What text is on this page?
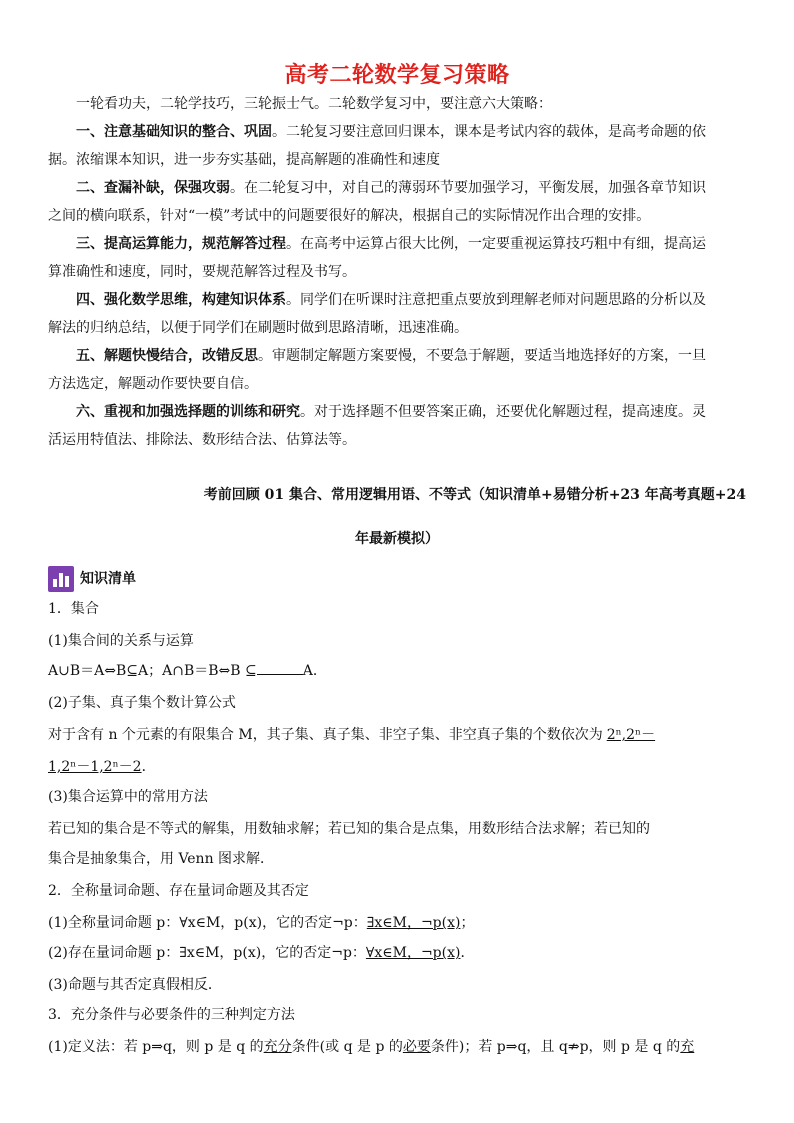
高考二轮数学复习策略
一轮看功夫，二轮学技巧，三轮振士气。二轮数学复习中，要注意六大策略：
一、注意基础知识的整合、巩固。二轮复习要注意回归课本，课本是考试内容的载体，是高考命题的依
据。浓缩课本知识，进一步夯实基础，提高解题的准确性和速度
二、查漏补缺，保强攻弱。在二轮复习中，对自己的薄弱环节要加强学习，平衡发展，加强各章节知识
之间的横向联系，针对“一模”考试中的问题要很好的解决，根据自己的实际情况作出合理的安排。
三、提高运算能力，规范解答过程。在高考中运算占很大比例，一定要重视运算技巧粗中有细，提高运
算准确性和速度，同时，要规范解答过程及书写。
四、强化数学思维，构建知识体系。同学们在听课时注意把重点要放到理解老师对问题思路的分析以及
解法的归纳总结，以便于同学们在刷题时做到思路清晰，迅速准确。
五、解题快慢结合，改错反思。审题制定解题方案要慢，不要急于解题，要适当地选择好的方案，一旦
方法选定，解题动作要快要自信。
六、重视和加强选择题的训练和研究。对于选择题不但要答案正确，还要优化解题过程，提高速度。灵
活运用特值法、排除法、数形结合法、估算法等。
考前回顾 01 集合、常用逻辑用语、不等式（知识清单+易错分析+23 年高考真题+24
年最新模拟）
知识清单
1．集合
(1)集合间的关系与运算
A∪B＝A⇔B⊆A；A∩B＝B⇔B ⊆	A．
(2)子集、真子集个数计算公式
对于含有 n 个元素的有限集合 M，其子集、真子集、非空子集、非空真子集的个数依次为 2ⁿ,2ⁿ－
1,2ⁿ－1,2ⁿ－2．
(3)集合运算中的常用方法
若已知的集合是不等式的解集，用数轴求解；若已知的集合是点集，用数形结合法求解；若已知的
集合是抽象集合，用 Venn 图求解．
2．全称量词命题、存在量词命题及其否定
(1)全称量词命题 p：∀x∈M，p(x)，它的否定¬p：∃x∈M，¬p(x)；
(2)存在量词命题 p：∃x∈M，p(x)，它的否定¬p：∀x∈M，¬p(x)．
(3)命题与其否定真假相反．
3．充分条件与必要条件的三种判定方法
(1)定义法：若 p⇒q，则 p 是 q 的充分条件(或 q 是 p 的必要条件)；若 p⇒q，且 q⇏p，则 p 是 q 的充
